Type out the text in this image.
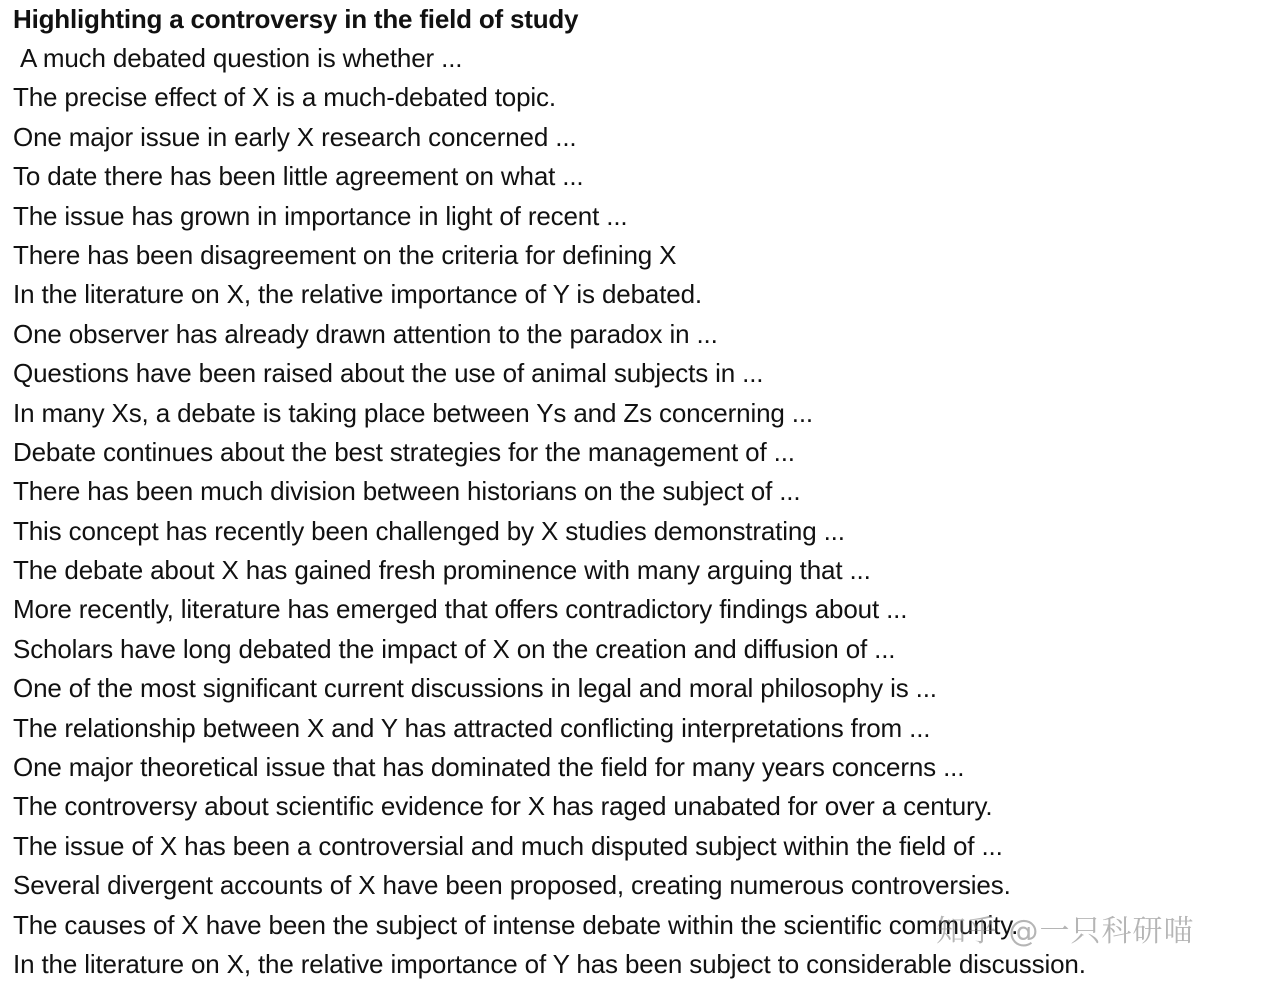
Highlighting a controversy in the field of study
A much debated question is whether ...
The precise effect of X is a much-debated topic.
One major issue in early X research concerned ...
To date there has been little agreement on what ...
The issue has grown in importance in light of recent ...
There has been disagreement on the criteria for defining X
In the literature on X, the relative importance of Y is debated.
One observer has already drawn attention to the paradox in ...
Questions have been raised about the use of animal subjects in ...
In many Xs, a debate is taking place between Ys and Zs concerning ...
Debate continues about the best strategies for the management of ...
There has been much division between historians on the subject of ...
This concept has recently been challenged by X studies demonstrating ...
The debate about X has gained fresh prominence with many arguing that ...
More recently, literature has emerged that offers contradictory findings about ...
Scholars have long debated the impact of X on the creation and diffusion of ...
One of the most significant current discussions in legal and moral philosophy is ...
The relationship between X and Y has attracted conflicting interpretations from ...
One major theoretical issue that has dominated the field for many years concerns ...
The controversy about scientific evidence for X has raged unabated for over a century.
The issue of X has been a controversial and much disputed subject within the field of ...
Several divergent accounts of X have been proposed, creating numerous controversies.
The causes of X have been the subject of intense debate within the scientific community.
In the literature on X, the relative importance of Y has been subject to considerable discussion.
知乎 @一只科研喵
